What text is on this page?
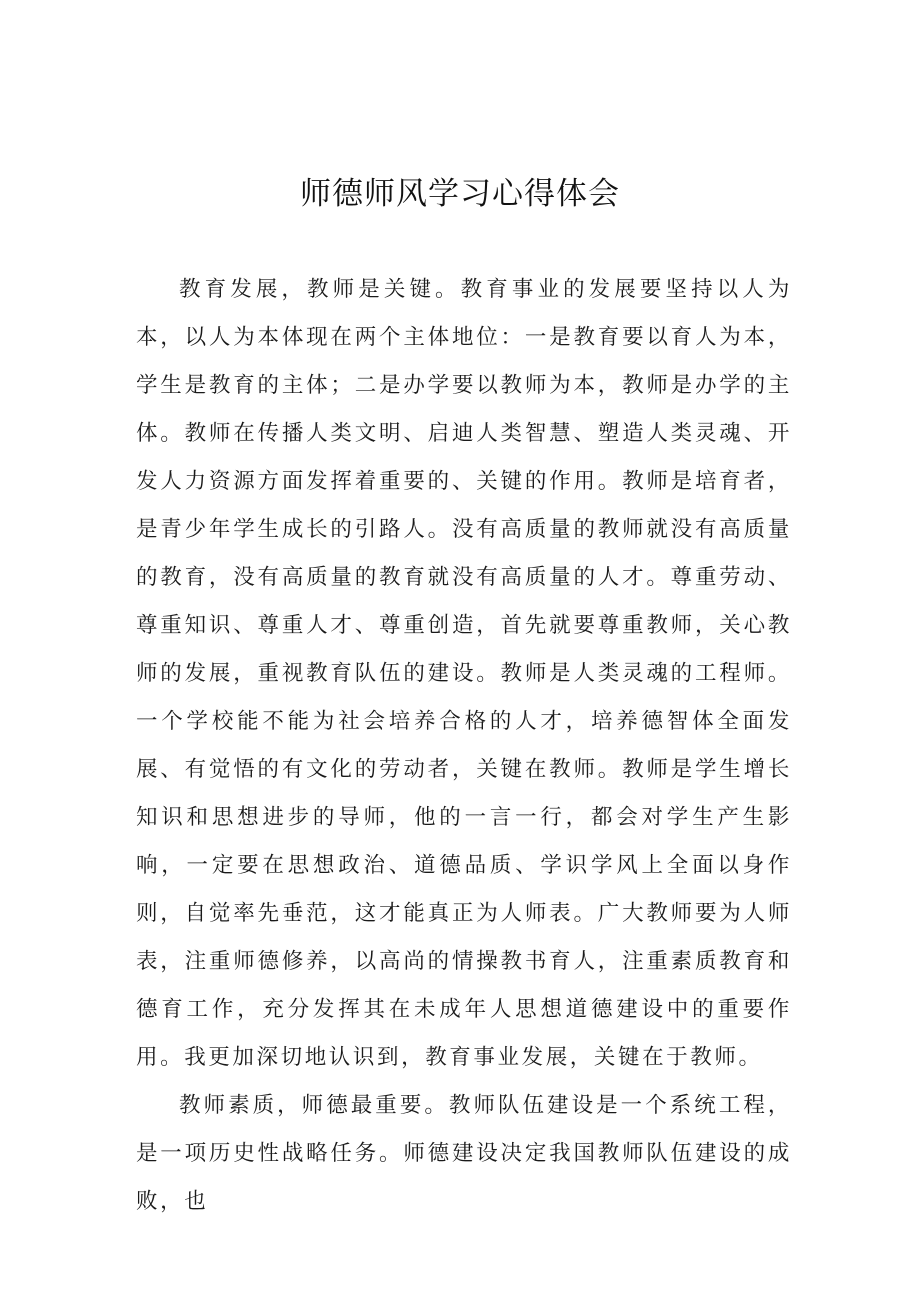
师德师风学习心得体会

教育发展，教师是关键。教育事业的发展要坚持以人为本，以人为本体现在两个主体地位：一是教育要以育人为本，学生是教育的主体；二是办学要以教师为本，教师是办学的主体。教师在传播人类文明、启迪人类智慧、塑造人类灵魂、开发人力资源方面发挥着重要的、关键的作用。教师是培育者，是青少年学生成长的引路人。没有高质量的教师就没有高质量的教育，没有高质量的教育就没有高质量的人才。尊重劳动、尊重知识、尊重人才、尊重创造，首先就要尊重教师，关心教师的发展，重视教育队伍的建设。教师是人类灵魂的工程师。一个学校能不能为社会培养合格的人才，培养德智体全面发展、有觉悟的有文化的劳动者，关键在教师。教师是学生增长知识和思想进步的导师，他的一言一行，都会对学生产生影响，一定要在思想政治、道德品质、学识学风上全面以身作则，自觉率先垂范，这才能真正为人师表。广大教师要为人师表，注重师德修养，以高尚的情操教书育人，注重素质教育和德育工作，充分发挥其在未成年人思想道德建设中的重要作用。我更加深切地认识到，教育事业发展，关键在于教师。

教师素质，师德最重要。教师队伍建设是一个系统工程，是一项历史性战略任务。师德建设决定我国教师队伍建设的成败，也
